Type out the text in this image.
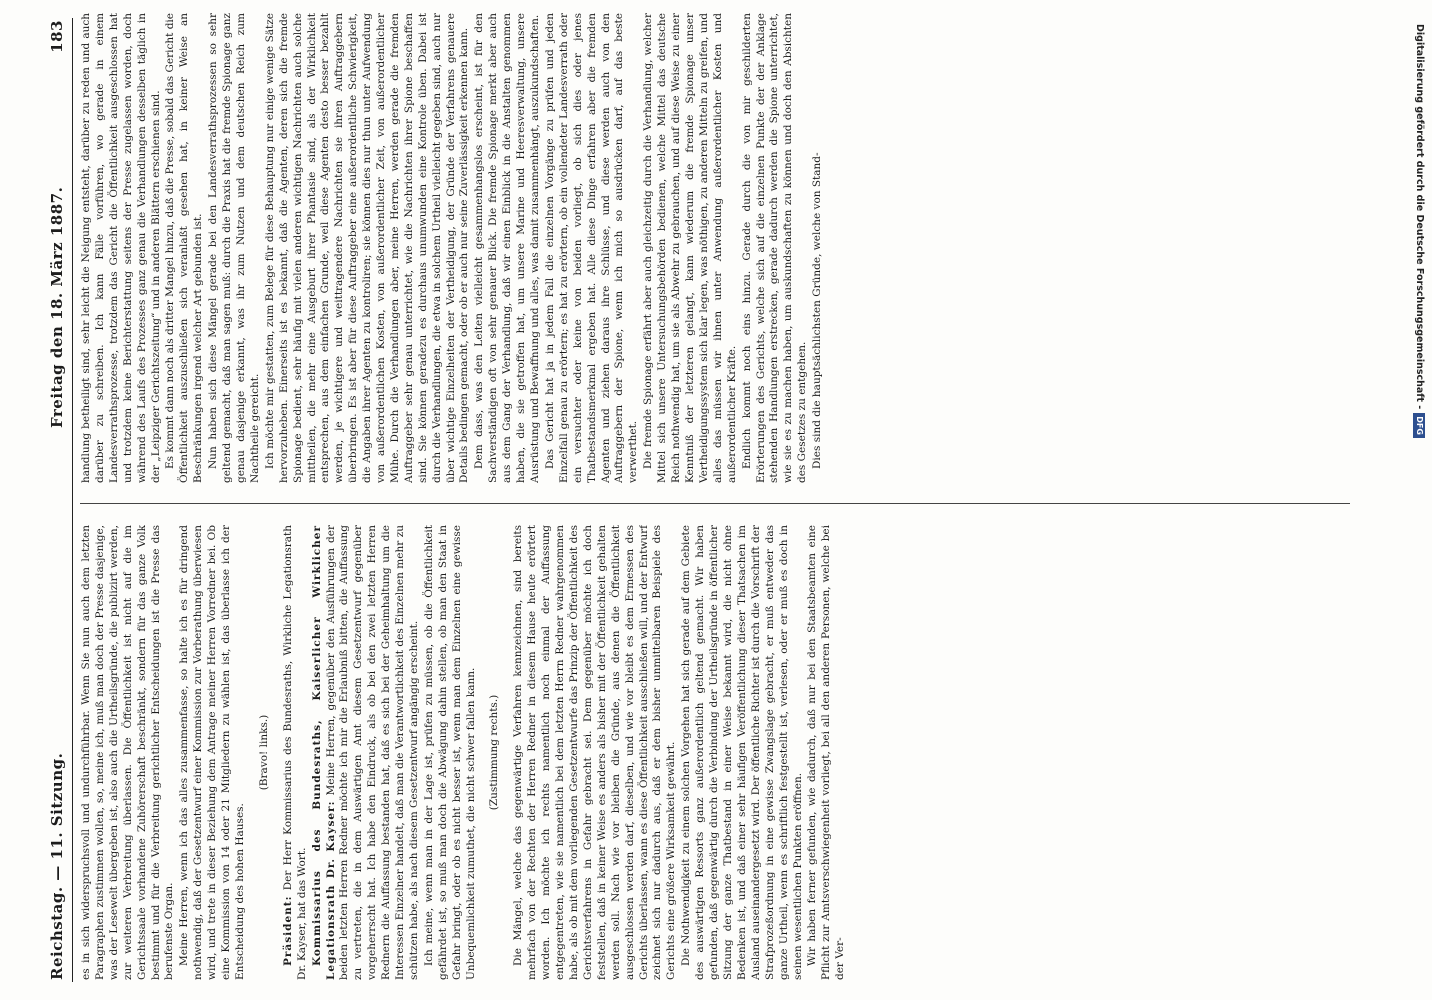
Reichstag. — 11. Sitzung.
Freitag den 18. März 1887.
183

es in sich widerspruchsvoll und undurchführbar. Wenn Sie nun auch dem letzten Paragraphen zustimmen wollen, so, meine ich, muß man doch der Presse dasjenige, was der Lesewelt übergeben ist, also auch die Urtheilsgründe, die publizirt werden, zur weiteren Verbreitung überlassen. Die Öffentlichkeit ist nicht auf die im Gerichtssaale vorhandene Zuhörerschaft beschränkt, sondern für das ganze Volk bestimmt und für die Verbreitung gerichtlicher Entscheidungen ist die Presse das berufenste Organ. Meine Herren, wenn ich das alles zusammenfasse, so halte ich es für dringend nothwendig, daß der Gesetzentwurf einer Kommission zur Vorberathung überwiesen wird, und trete in dieser Beziehung dem Antrage meiner Herren Vorredner bei. Ob eine Kommission von 14 oder 21 Mitgliedern zu wählen ist, das überlasse ich der Entscheidung des hohen Hauses.

(Bravo! links.)

Präsident: Der Herr Kommissarius des Bundesraths, Wirkliche Legationsrath Dr. Kayser, hat das Wort. Kommissarius des Bundesraths, Kaiserlicher Wirklicher Legationsrath Dr. Kayser: Meine Herren, gegenüber den Ausführungen der beiden letzten Herren Redner möchte ich mir die Erlaubniß bitten, die Auffassung zu vertreten, die in dem Auswärtigen Amt diesem Gesetzentwurf gegenüber vorgeherrscht hat. Ich habe den Eindruck, als ob bei den zwei letzten Herren Rednern die Auffassung bestanden hat, daß es sich bei der Geheimhaltung um die Interessen Einzelner handelt, daß man die Verantwortlichkeit des Einzelnen mehr zu schützen habe, als nach diesem Gesetzentwurf angängig erscheint. Ich meine, wenn man in der Lage ist, prüfen zu müssen, ob die Öffentlichkeit gefährdet ist, so muß man doch die Abwägung dahin stellen, ob man den Staat in Gefahr bringt, oder ob es nicht besser ist, wenn man dem Einzelnen eine gewisse Unbequemlichkeit zumuthet, die nicht schwer fallen kann. (Zustimmung rechts.) Die Mängel, welche das gegenwärtige Verfahren kennzeichnen, sind bereits mehrfach von der Rechten der Herren Redner in diesem Hause heute erörtert worden. Ich möchte ich rechts namentlich noch einmal der Auffassung entgegentreten, wie sie namentlich bei dem letzten Herrn Redner wahrgenommen habe, als ob mit dem vorliegenden Gesetzentwurfe das Prinzip der Öffentlichkeit des Gerichtsverfahrens in Gefahr gebracht sei. Dem gegenüber möchte ich doch feststellen, daß in keiner Weise es anders als bisher mit der Öffentlichkeit gehalten werden soll. Nach wie vor bleiben die Gründe, aus denen die Öffentlichkeit ausgeschlossen werden darf, dieselben, und wie vor bleibt es dem Ermessen des Gerichts überlassen, wann es diese Öffentlichkeit ausschließen will, und der Entwurf zeichnet sich nur dadurch aus, daß er dem bisher unmittelbaren Beispiele des Gerichts eine größere Wirksamkeit gewährt. Die Nothwendigkeit zu einem solchen Vorgehen hat sich gerade auf dem Gebiete des auswärtigen Ressorts ganz außerordentlich geltend gemacht. Wir haben gefunden, daß gegenwärtig durch die Verbindung der Urtheilsgründe in öffentlicher Sitzung der ganze Thatbestand in einer Weise bekannt wird, die nicht ohne Bedenken ist, und daß einer sehr häufigen Veröffentlichung dieser Thatsachen im Ausland auseinandergesetzt wird. Der öffentliche Richter ist durch die Vorschrift der Strafprozeßordnung in eine gewisse Zwangslage gebracht, er muß entweder das ganze Urtheil, wenn es schriftlich festgestellt ist, verlesen, oder er muß es doch in seinen wesentlichen Punkten eröffnen. Wir haben ferner gefunden, wie dadurch, daß nur bei den Staatsbeamten eine Pflicht zur Amtsverschwiegenheit vorliegt, bei all den anderen Personen, welche bei der Ver-

handlung betheiligt sind, sehr leicht die Neigung entsteht, darüber zu reden und auch darüber zu schreiben. Ich kann Fälle vorführen, wo gerade in einem Landesverrathsprozesse, trotzdem das Gericht die Öffentlichkeit ausgeschlossen hat und trotzdem keine Berichterstattung seitens der Presse zugelassen worden, doch während des Laufs des Prozesses ganz genau die Verhandlungen desselben täglich in der „Leipziger Gerichtszeitung“ und in anderen Blättern erschienen sind. Es kommt dann noch als dritter Mangel hinzu, daß die Presse, sobald das Gericht die Öffentlichkeit auszuschließen sich veranlaßt gesehen hat, in keiner Weise an Beschränkungen irgend welcher Art gebunden ist. Nun haben sich diese Mängel gerade bei den Landesverrathsprozessen so sehr geltend gemacht, daß man sagen muß: durch die Praxis hat die fremde Spionage ganz genau dasjenige erkannt, was ihr zum Nutzen und dem deutschen Reich zum Nachtheile gereicht. Ich möchte mir gestatten, zum Belege für diese Behauptung nur einige wenige Sätze hervorzuheben. Einerseits ist es bekannt, daß die Agenten, deren sich die fremde Spionage bedient, sehr häufig mit vielen anderen wichtigen Nachrichten auch solche mittheilen, die mehr eine Ausgeburt ihrer Phantasie sind, als der Wirklichkeit entsprechen, aus dem einfachen Grunde, weil diese Agenten desto besser bezahlt werden, je wichtigere und weittragendere Nachrichten sie ihren Auftraggebern überbringen. Es ist aber für diese Auftraggeber eine außerordentliche Schwierigkeit, die Angaben ihrer Agenten zu kontroliren; sie können dies nur thun unter Aufwendung von außerordentlichen Kosten, von außerordentlicher Zeit, von außerordentlicher Mühe. Durch die Verhandlungen aber, meine Herren, werden gerade die fremden Auftraggeber sehr genau unterrichtet, wie die Nachrichten ihrer Spione beschaffen sind. Sie können geradezu es durchaus unumwunden eine Kontrole üben. Dabei ist durch die Verhandlungen, die etwa in solchem Urtheil vielleicht gegeben sind, auch nur über wichtige Einzelheiten der Vertheidigung, der Gründe der Verfahrens genauere Details bedingen gemacht, oder ob er auch nur seine Zuverlässigkeit erkennen kann. Dem dass, was den Leiten vielleicht gesammenhangslos erscheint, ist für den Sachverständigen oft von sehr genauer Blick. Die fremde Spionage merkt aber auch aus dem Gang der Verhandlung, daß wir einen Einblick in die Anstalten genommen haben, die sie getroffen hat, um unsere Marine und Heeresverwaltung, unsere Ausrüstung und Bewaffnung und alles, was damit zusammenhängt, auszukundschaften. Das Gericht hat ja in jedem Fall die einzelnen Vorgänge zu prüfen und jeden Einzelfall genau zu erörtern; es hat zu erörtern, ob ein vollendeter Landesverrath oder ein versuchter oder keine von beiden vorliegt, ob sich dies oder jenes Thatbestandsmerkmal ergeben hat. Alle diese Dinge erfahren aber die fremden Agenten und ziehen daraus ihre Schlüsse, und diese werden auch von den Auftraggebern der Spione, wenn ich mich so ausdrücken darf, auf das beste verwerthet. Die fremde Spionage erfährt aber auch gleichzeitig durch die Verhandlung, welcher Mittel sich unsere Untersuchungsbehörden bedienen, welche Mittel das deutsche Reich nothwendig hat, um sie als Abwehr zu gebrauchen, und auf diese Weise zu einer Kenntniß der letzteren gelangt, kann wiederum die fremde Spionage unser Vertheidigungssystem sich klar legen, was nöthigen, zu anderen Mitteln zu greifen, und alles das müssen wir ihnen unter Anwendung außerordentlicher Kosten und außerordentlicher Kräfte. Endlich kommt noch eins hinzu. Gerade durch die von mir geschilderten Erörterungen des Gerichts, welche sich auf die einzelnen Punkte der der Anklage stehenden Handlungen erstrecken, gerade dadurch werden die Spione unterrichtet, wie sie es zu machen haben, um auskundschaften zu können und doch den Absichten des Gesetzes zu entgehen. Dies sind die hauptsächlichsten Gründe, welche von Stand-	Digitalisierung gefördert durch die Deutsche Forschungsgemeinschaft -DFG
